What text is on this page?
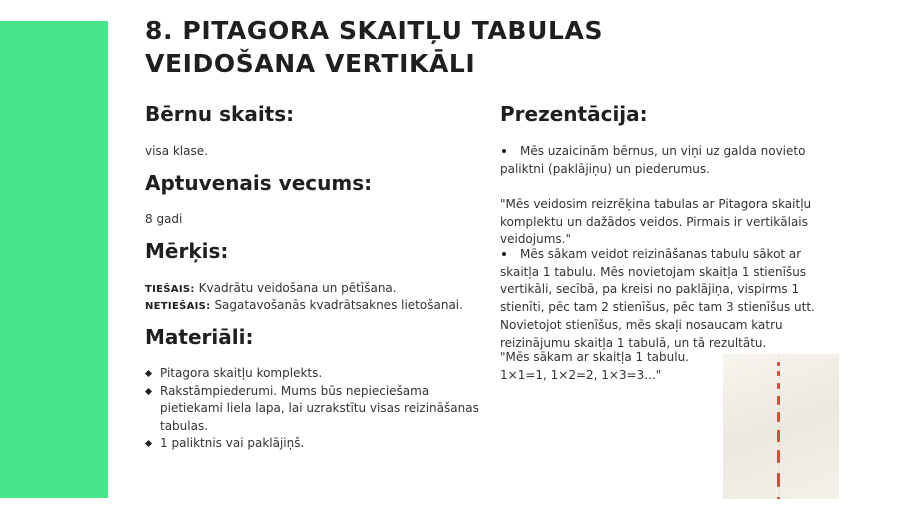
8. PITAGORA SKAITĻU TABULAS
VEIDOŠANA VERTIKĀLI
Bērnu skaits:

visa klase.

Aptuvenais vecums:

8 gadi

Mērķis:

TIEŠAIS: Kvadrātu veidošana un pētīšana.

NETIEŠAIS: Sagatavošanās kvadrātsaknes lietošanai.

Materiāli:
Pitagora skaitļu komplekts.
Rakstāmpiederumi. Mums būs nepieciešama pietiekami liela lapa, lai uzrakstītu visas reizināšanas tabulas.
1 paliktnis vai paklājiņš.
Prezentācija:
Mēs uzaicinām bērnus, un viņi uz galda novieto paliktni (paklājiņu) un piederumus.
"Mēs veidosim reizrēķina tabulas ar Pitagora skaitļu komplektu un dažādos veidos. Pirmais ir vertikālais veidojums."
Mēs sākam veidot reizināšanas tabulu sākot ar skaitļa 1 tabulu. Mēs novietojam skaitļa 1 stienīšus vertikāli, secībā, pa kreisi no paklājiņa, vispirms 1 stienīti, pēc tam 2 stienīšus, pēc tam 3 stienīšus utt. Novietojot stienīšus, mēs skaļi nosaucam katru reizinājumu skaitļa 1 tabulā, un tā rezultātu.
"Mēs sākam ar skaitļa 1 tabulu.
1×1=1, 1×2=2, 1×3=3..."
